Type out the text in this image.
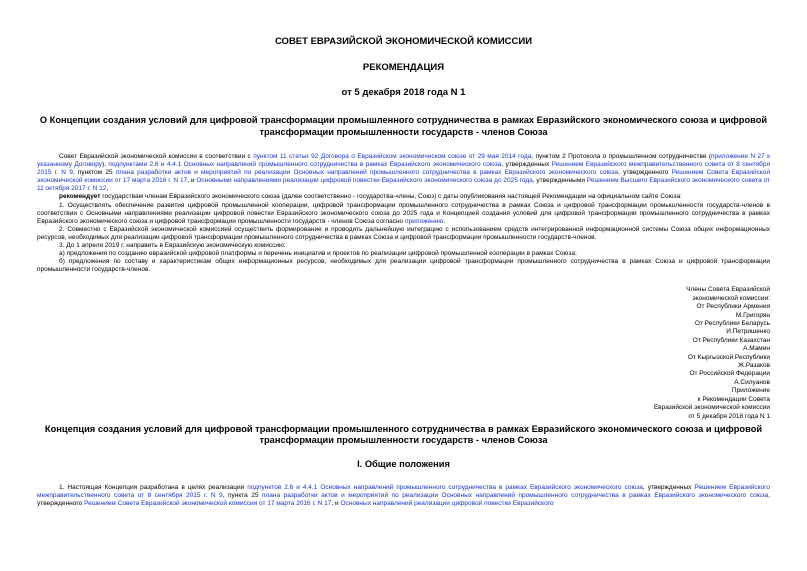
СОВЕТ ЕВРАЗИЙСКОЙ ЭКОНОМИЧЕСКОЙ КОМИССИИ
РЕКОМЕНДАЦИЯ
от 5 декабря 2018 года N 1
О Концепции создания условий для цифровой трансформации промышленного сотрудничества в рамках Евразийского экономического союза и цифровой трансформации промышленности государств - членов Союза

Совет Евразийской экономической комиссии в соответствии с пунктом 11 статьи 92 Договора о Евразийском экономическом союзе от 29 мая 2014 года, пунктом 2 Протокола о промышленном сотрудничестве (приложение N 27 к указанному Договору), подпунктами 2.6 и 4.4.1 Основных направлений промышленного сотрудничества в рамках Евразийского экономического союза, утвержденных Решением Евразийского межправительственного совета от 8 сентября 2015 г. N 9, пунктом 25 плана разработки актов и мероприятий по реализации Основных направлений промышленного сотрудничества в рамках Евразийского экономического союза, утвержденного Решением Совета Евразийской экономической комиссии от 17 марта 2016 г. N 17, и Основными направлениями реализации цифровой повестки Евразийского экономического союза до 2025 года, утвержденными Решением Высшего Евразийского экономического совета от 11 октября 2017 г. N 12,

рекомендует государствам членам Евразийского экономического союза (далее соответственно - государства-члены, Союз) с даты опубликования настоящей Рекомендации на официальном сайте Союза:

1. Осуществлять обеспечение развития цифровой промышленной кооперации, цифровой трансформации промышленного сотрудничества в рамках Союза и цифровой трансформации промышленности государств-членов в соответствии с Основными направлениями реализации цифровой повестки Евразийского экономического союза до 2025 года и Концепцией создания условий для цифровой трансформации промышленного сотрудничества в рамках Евразийского экономического союза и цифровой трансформации промышленности государств - членов Союза согласно приложению.

2. Совместно с Евразийской экономической комиссией осуществить формирование и проводить дальнейшую интеграцию с использованием средств интегрированной информационной системы Союза общих информационных ресурсов, необходимых для реализации цифровой трансформации промышленного сотрудничества в рамках Союза и цифровой трансформации промышленности государств-членов.

3. До 1 апреля 2019 г. направить в Евразийскую экономическую комиссию:

а) предложения по созданию евразийской цифровой платформы и перечень инициатив и проектов по реализации цифровой промышленной кооперации в рамках Союза;

б) предложения по составу и характеристикам общих информационных ресурсов, необходимых для реализации цифровой трансформации промышленного сотрудничества в рамках Союза и цифровой трансформации промышленности государств-членов.

Члены Совета Евразийской
экономической комиссии:
От Республики Армения
М.Григорян
От Республики Беларусь
И.Петришенко
От Республики Казахстан
А.Мамин
От Кыргызской Республики
Ж.Разаков
От Российской Федерации
А.Силуанов
Приложение
к Рекомендации Совета
Евразийской экономической комиссии
от 5 декабря 2018 года N 1
Концепция создания условий для цифровой трансформации промышленного сотрудничества в рамках Евразийского экономического союза и цифровой трансформации промышленности государств - членов Союза
I. Общие положения

1. Настоящая Концепция разработана в целях реализации подпунктов 2.6 и 4.4.1 Основных направлений промышленного сотрудничества в рамках Евразийского экономического союза, утвержденных Решением Евразийского межправительственного совета от 8 сентября 2015 г. N 9, пункта 25 плана разработки актов и мероприятий по реализации Основных направлений промышленного сотрудничества в рамках Евразийского экономического союза, утвержденного Решением Совета Евразийской экономической комиссии от 17 марта 2016 г. N 17, и Основных направлений реализации цифровой повестки Евразийского
